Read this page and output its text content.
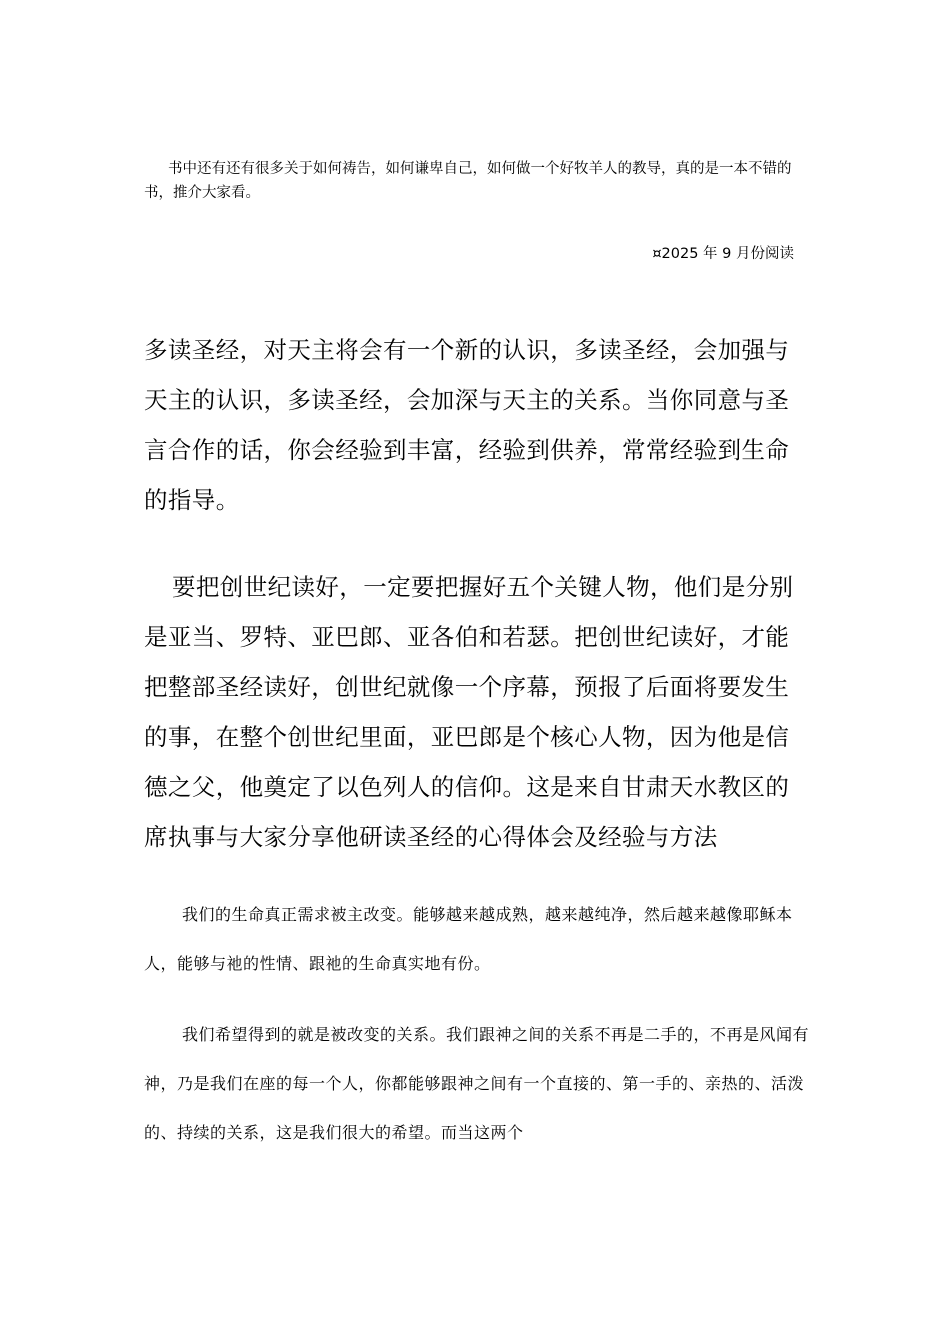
书中还有还有很多关于如何祷告，如何谦卑自己，如何做一个好牧羊人的教导，真的是一本不错的书，推介大家看。

¤2025 年 9 月份阅读

多读圣经，对天主将会有一个新的认识，多读圣经，会加强与天主的认识，多读圣经，会加深与天主的关系。当你同意与圣言合作的话，你会经验到丰富，经验到供养，常常经验到生命的指导。

要把创世纪读好，一定要把握好五个关键人物，他们是分别是亚当、罗特、亚巴郎、亚各伯和若瑟。把创世纪读好，才能把整部圣经读好，创世纪就像一个序幕，预报了后面将要发生的事，在整个创世纪里面，亚巴郎是个核心人物，因为他是信德之父，他奠定了以色列人的信仰。这是来自甘肃天水教区的席执事与大家分享他研读圣经的心得体会及经验与方法

我们的生命真正需求被主改变。能够越来越成熟，越来越纯净，然后越来越像耶稣本人，能够与祂的性情、跟祂的生命真实地有份。

我们希望得到的就是被改变的关系。我们跟神之间的关系不再是二手的，不再是风闻有神，乃是我们在座的每一个人，你都能够跟神之间有一个直接的、第一手的、亲热的、活泼的、持续的关系，这是我们很大的希望。而当这两个
